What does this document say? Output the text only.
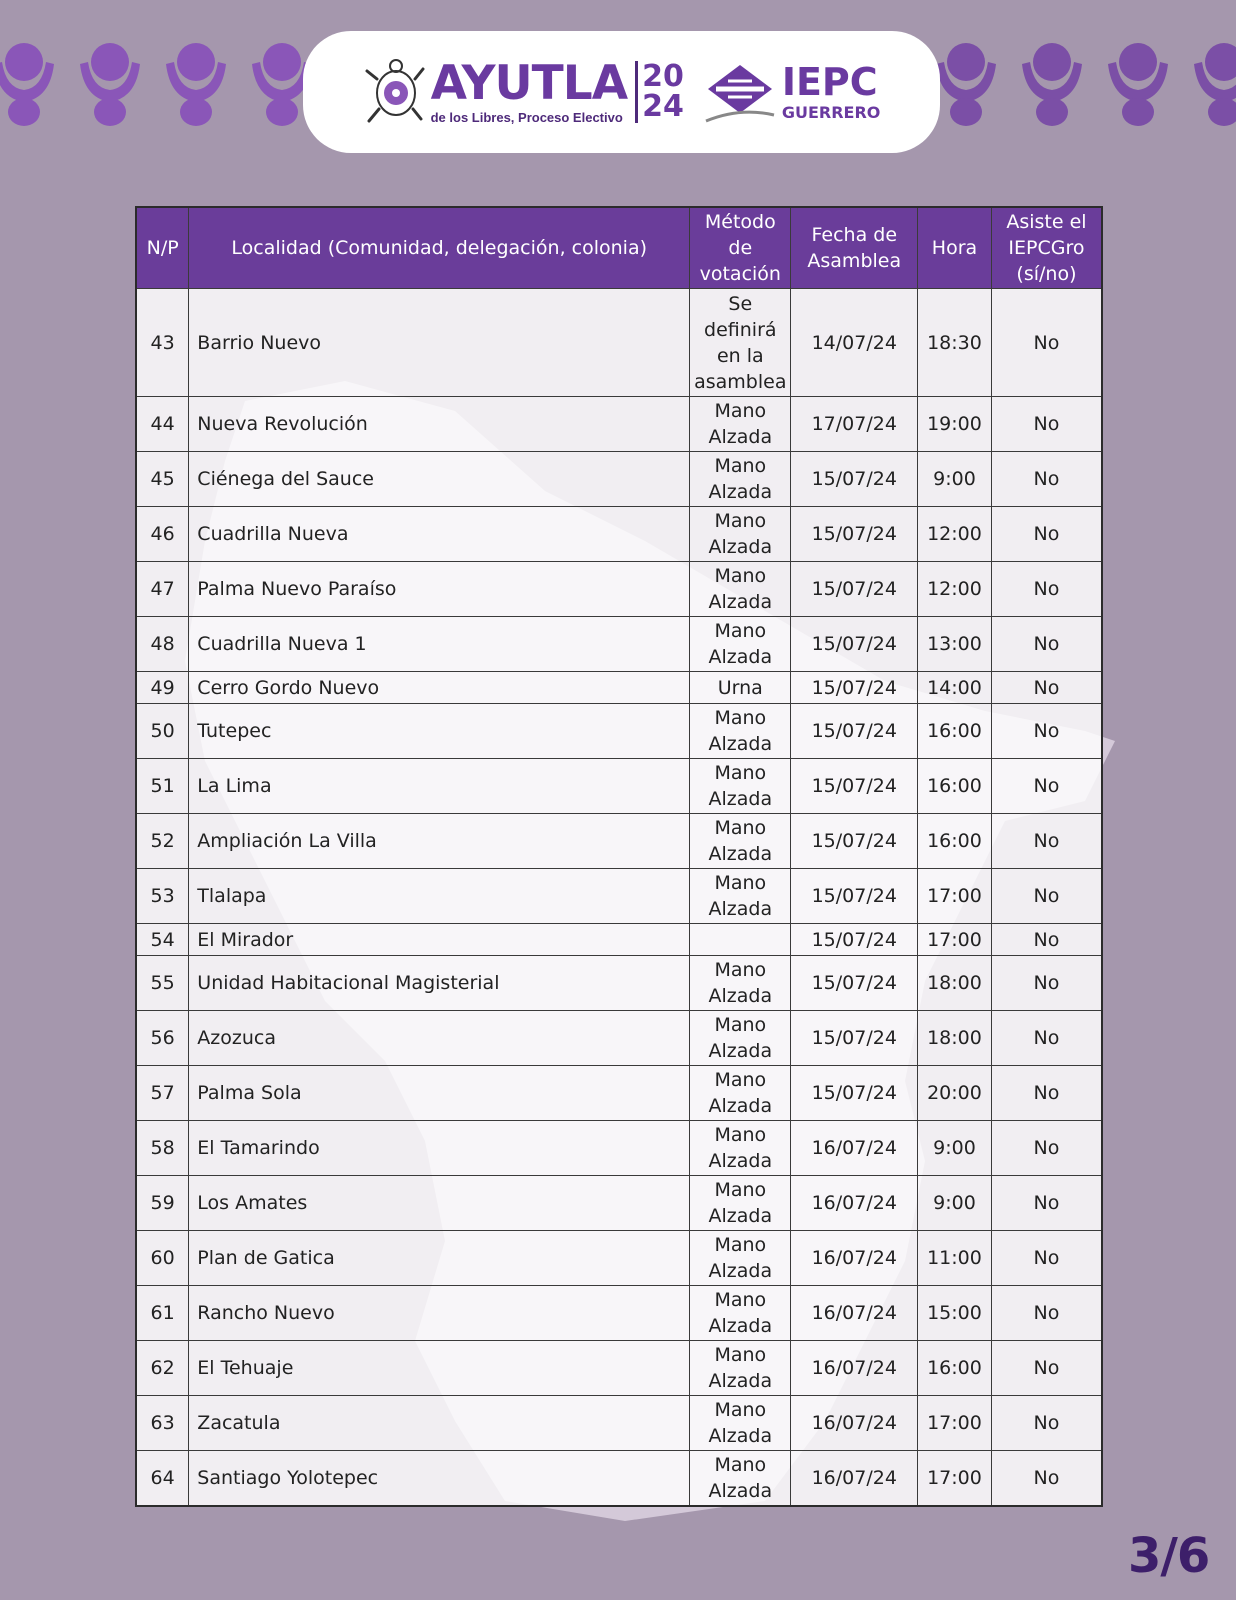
AYUTLA
de los Libres, Proceso Electivo
20
24
IEPC
GUERRERO
N/P	Localidad (Comunidad, delegación, colonia)	Método de votación	Fecha de Asamblea	Hora	Asiste el IEPCGro (sí/no)
43	Barrio Nuevo	Se definirá en la asamblea	14/07/24	18:30	No
44	Nueva Revolución	Mano Alzada	17/07/24	19:00	No
45	Ciénega del Sauce	Mano Alzada	15/07/24	9:00	No
46	Cuadrilla Nueva	Mano Alzada	15/07/24	12:00	No
47	Palma Nuevo Paraíso	Mano Alzada	15/07/24	12:00	No
48	Cuadrilla Nueva 1	Mano Alzada	15/07/24	13:00	No
49	Cerro Gordo Nuevo	Urna	15/07/24	14:00	No
50	Tutepec	Mano Alzada	15/07/24	16:00	No
51	La Lima	Mano Alzada	15/07/24	16:00	No
52	Ampliación La Villa	Mano Alzada	15/07/24	16:00	No
53	Tlalapa	Mano Alzada	15/07/24	17:00	No
54	El Mirador		15/07/24	17:00	No
55	Unidad Habitacional Magisterial	Mano Alzada	15/07/24	18:00	No
56	Azozuca	Mano Alzada	15/07/24	18:00	No
57	Palma Sola	Mano Alzada	15/07/24	20:00	No
58	El Tamarindo	Mano Alzada	16/07/24	9:00	No
59	Los Amates	Mano Alzada	16/07/24	9:00	No
60	Plan de Gatica	Mano Alzada	16/07/24	11:00	No
61	Rancho Nuevo	Mano Alzada	16/07/24	15:00	No
62	El Tehuaje	Mano Alzada	16/07/24	16:00	No
63	Zacatula	Mano Alzada	16/07/24	17:00	No
64	Santiago Yolotepec	Mano Alzada	16/07/24	17:00	No
3/6
